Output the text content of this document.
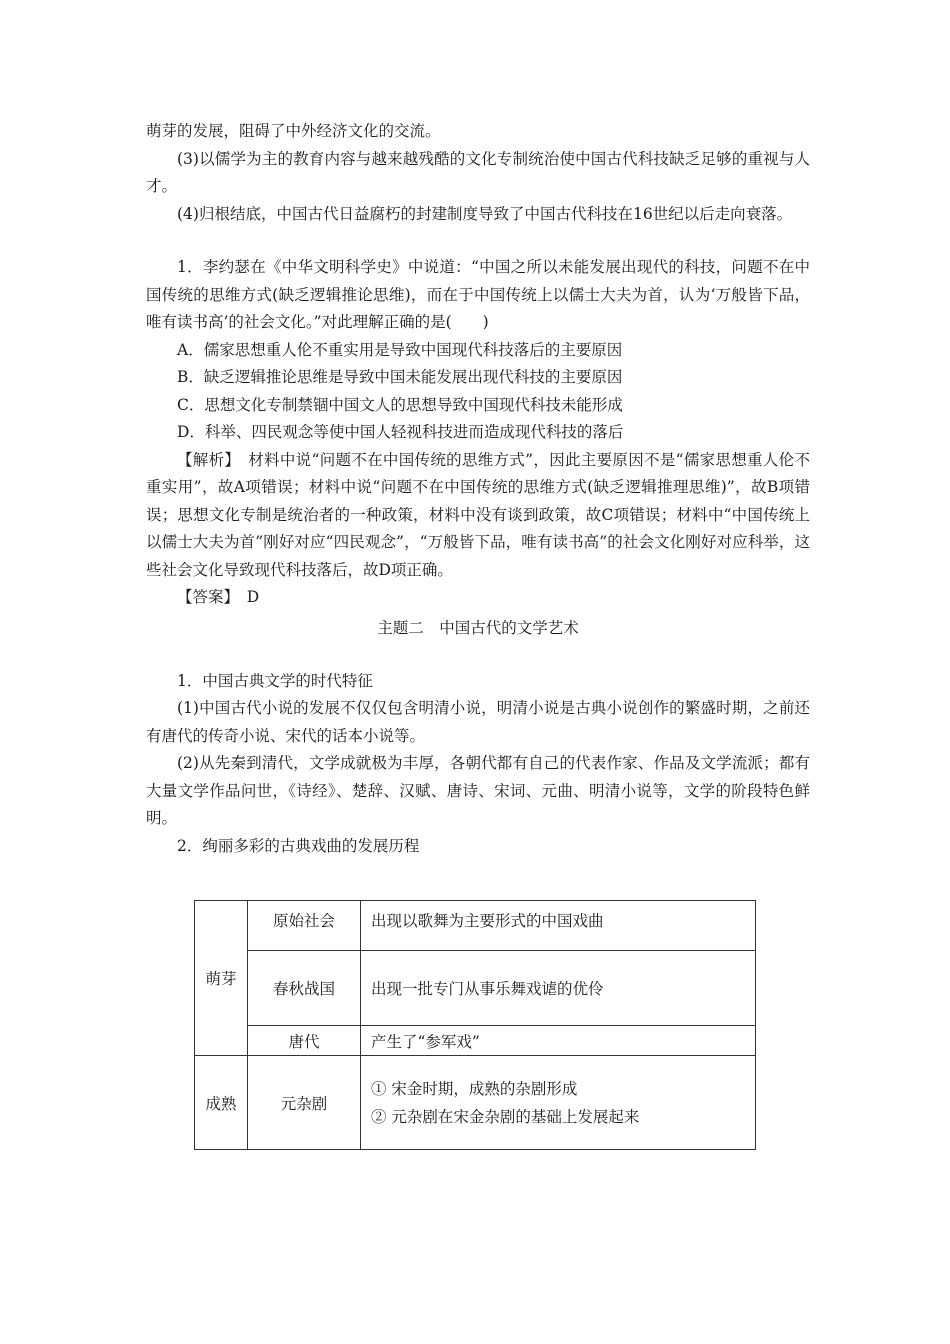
萌芽的发展，阻碍了中外经济文化的交流。

(3)以儒学为主的教育内容与越来越残酷的文化专制统治使中国古代科技缺乏足够的重视与人才。

(4)归根结底，中国古代日益腐朽的封建制度导致了中国古代科技在16世纪以后走向衰落。

1．李约瑟在《中华文明科学史》中说道：“中国之所以未能发展出现代的科技，问题不在中国传统的思维方式(缺乏逻辑推论思维)，而在于中国传统上以儒士大夫为首，认为‘万般皆下品，唯有读书高’的社会文化。”对此理解正确的是(　　)

A．儒家思想重人伦不重实用是导致中国现代科技落后的主要原因

B．缺乏逻辑推论思维是导致中国未能发展出现代科技的主要原因

C．思想文化专制禁锢中国文人的思想导致中国现代科技未能形成

D．科举、四民观念等使中国人轻视科技进而造成现代科技的落后

【解析】　材料中说“问题不在中国传统的思维方式”，因此主要原因不是“儒家思想重人伦不重实用”，故A项错误；材料中说“问题不在中国传统的思维方式(缺乏逻辑推理思维)”，故B项错误；思想文化专制是统治者的一种政策，材料中没有谈到政策，故C项错误；材料中“中国传统上以儒士大夫为首”刚好对应“四民观念”，“万般皆下品，唯有读书高”的社会文化刚好对应科举，这些社会文化导致现代科技落后，故D项正确。

【答案】　D

主题二　中国古代的文学艺术

1．中国古典文学的时代特征

(1)中国古代小说的发展不仅仅包含明清小说，明清小说是古典小说创作的繁盛时期，之前还有唐代的传奇小说、宋代的话本小说等。

(2)从先秦到清代，文学成就极为丰厚，各朝代都有自己的代表作家、作品及文学流派；都有大量文学作品问世，《诗经》、楚辞、汉赋、唐诗、宋词、元曲、明清小说等，文学的阶段特色鲜明。

2．绚丽多彩的古典戏曲的发展历程

萌芽	原始社会	出现以歌舞为主要形式的中国戏曲
	春秋战国	出现一批专门从事乐舞戏谑的优伶
	唐代	产生了“参军戏”
成熟	元杂剧	① 宋金时期，成熟的杂剧形成
② 元杂剧在宋金杂剧的基础上发展起来
